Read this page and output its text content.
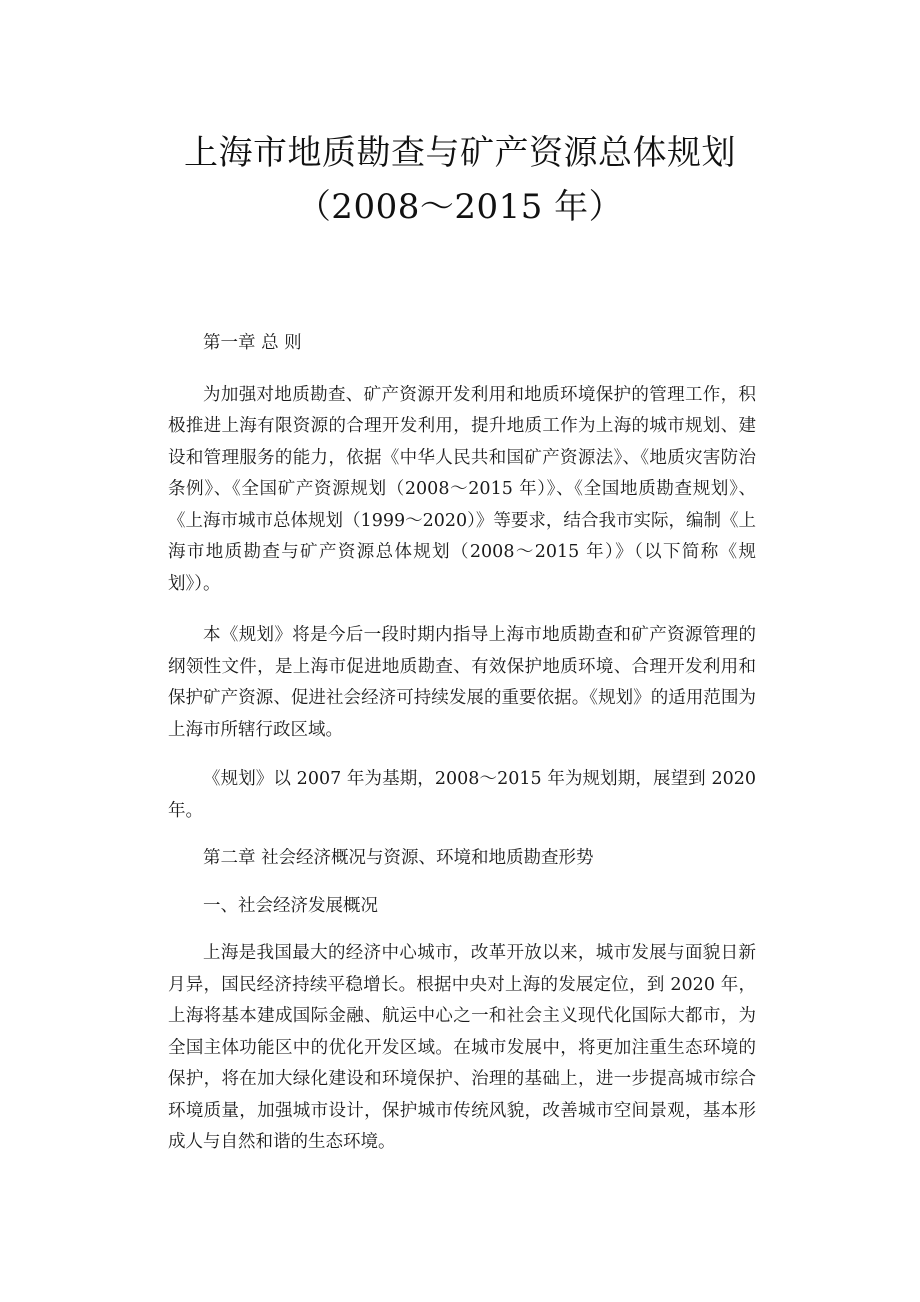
上海市地质勘查与矿产资源总体规划
（2008～2015 年）

第一章 总 则

为加强对地质勘查、矿产资源开发利用和地质环境保护的管理工作，积极推进上海有限资源的合理开发利用，提升地质工作为上海的城市规划、建设和管理服务的能力，依据《中华人民共和国矿产资源法》、《地质灾害防治条例》、《全国矿产资源规划（2008～2015 年）》、《全国地质勘查规划》、《上海市城市总体规划（1999～2020）》等要求，结合我市实际，编制《上海市地质勘查与矿产资源总体规划（2008～2015 年）》（以下简称《规划》）。

本《规划》将是今后一段时期内指导上海市地质勘查和矿产资源管理的纲领性文件，是上海市促进地质勘查、有效保护地质环境、合理开发利用和保护矿产资源、促进社会经济可持续发展的重要依据。《规划》的适用范围为上海市所辖行政区域。

《规划》以 2007 年为基期，2008～2015 年为规划期，展望到 2020 年。

第二章 社会经济概况与资源、环境和地质勘查形势

一、社会经济发展概况

上海是我国最大的经济中心城市，改革开放以来，城市发展与面貌日新月异，国民经济持续平稳增长。根据中央对上海的发展定位，到 2020 年，上海将基本建成国际金融、航运中心之一和社会主义现代化国际大都市，为全国主体功能区中的优化开发区域。在城市发展中，将更加注重生态环境的保护，将在加大绿化建设和环境保护、治理的基础上，进一步提高城市综合环境质量，加强城市设计，保护城市传统风貌，改善城市空间景观，基本形成人与自然和谐的生态环境。
